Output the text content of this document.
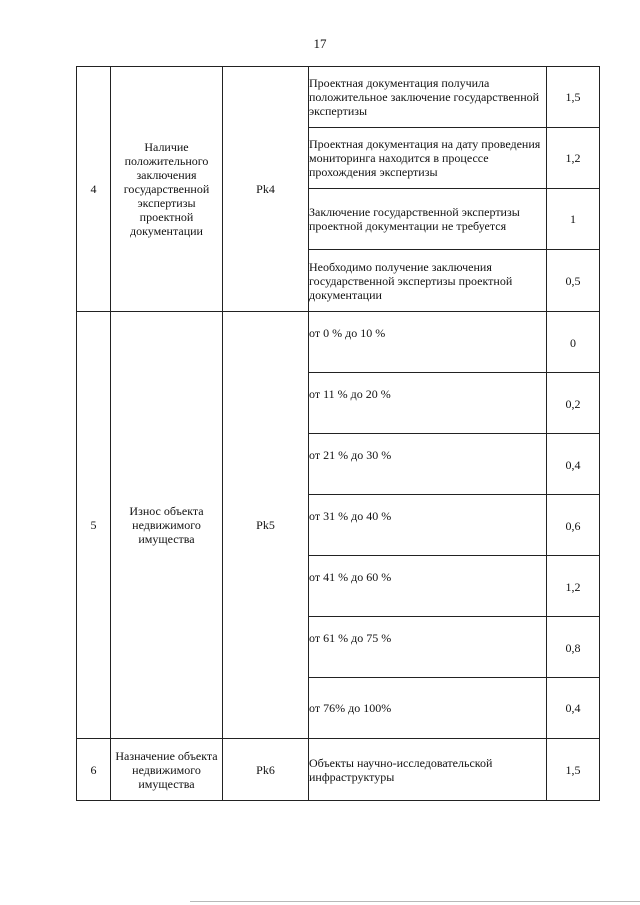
17
4	Наличие положительного заключения государственной экспертизы проектной документации	Pk4	Проектная документация получила положительное заключение государственной экспертизы	1,5
			Проектная документация на дату проведения мониторинга находится в процессе прохождения экспертизы	1,2
			Заключение государственной экспертизы проектной документации не требуется	1
			Необходимо получение заключения государственной экспертизы проектной документации	0,5
5	Износ объекта недвижимого имущества	Pk5	от 0 % до 10 %	0
			от 11 % до 20 %	0,2
			от 21 % до 30 %	0,4
			от 31 % до 40 %	0,6
			от 41 % до 60 %	1,2
			от 61 % до 75 %	0,8
			от 76% до 100%	0,4
6	Назначение объекта недвижимого имущества	Pk6	Объекты научно-исследовательской инфраструктуры	1,5
